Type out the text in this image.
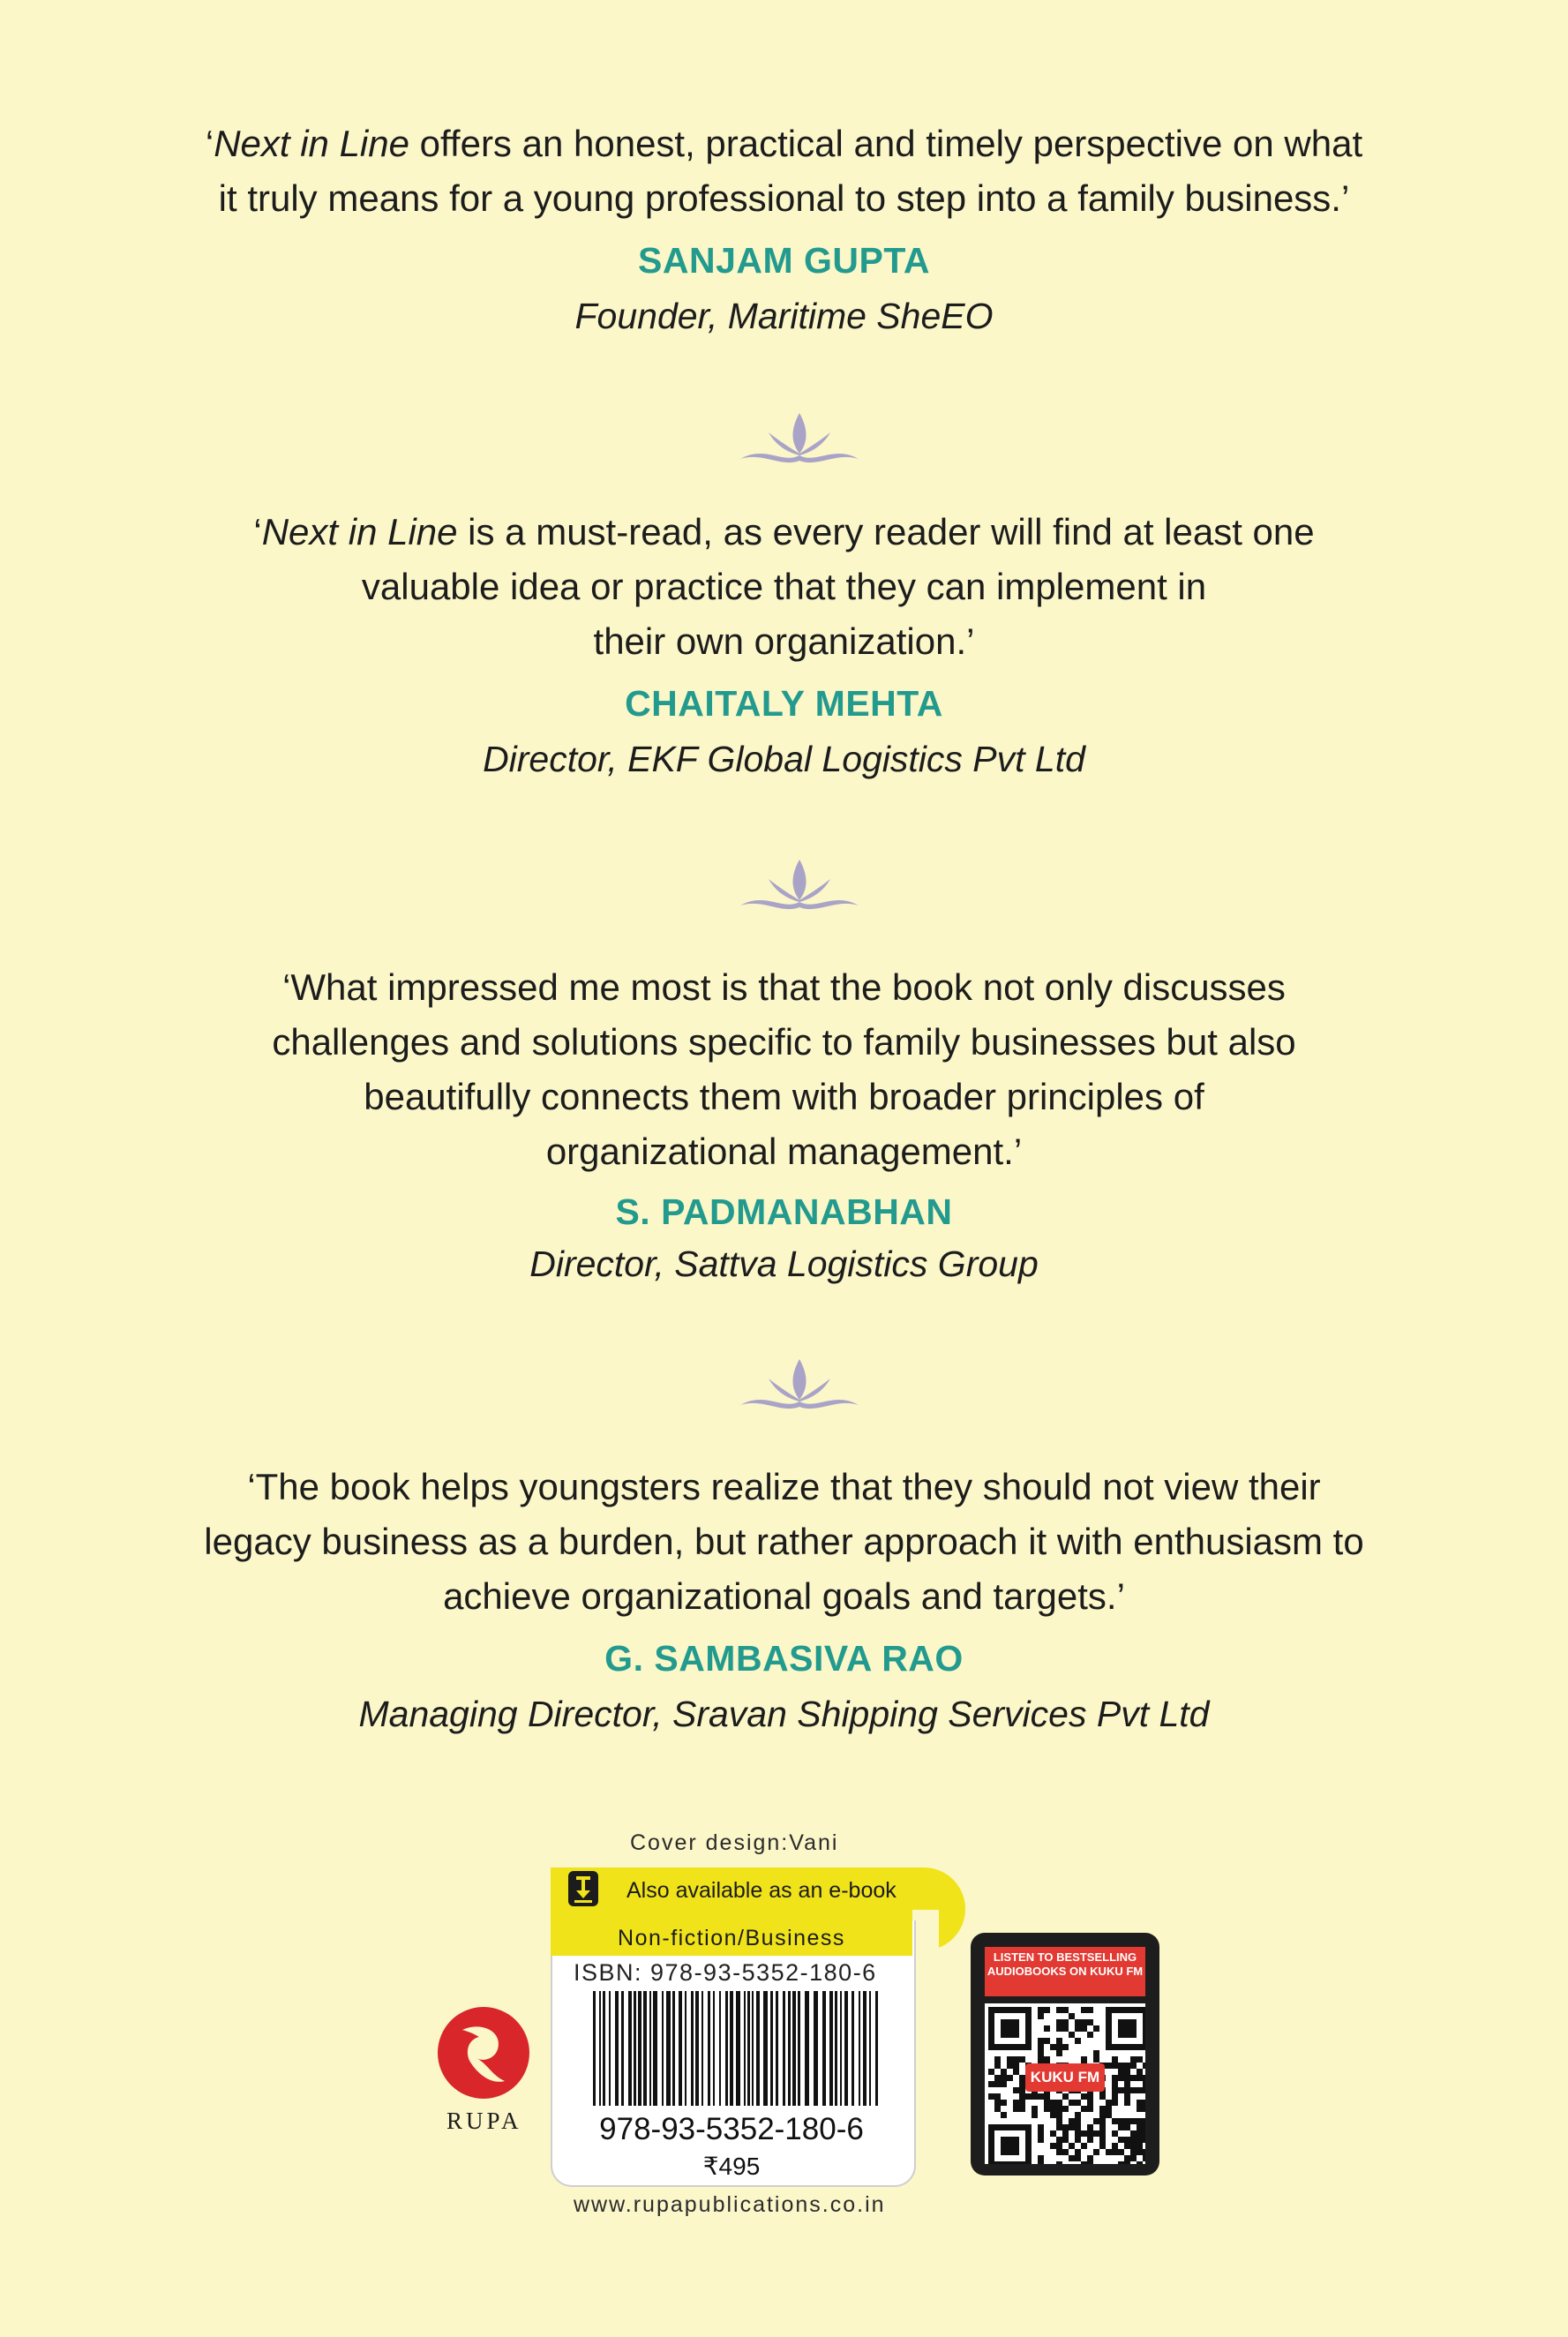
‘Next in Line offers an honest, practical and timely perspective on what

it truly means for a young professional to step into a family business.’

SANJAM GUPTA
Founder, Maritime SheEO

‘Next in Line is a must-read, as every reader will find at least one

valuable idea or practice that they can implement in

their own organization.’

CHAITALY MEHTA
Director, EKF Global Logistics Pvt Ltd

‘What impressed me most is that the book not only discusses

challenges and solutions specific to family businesses but also

beautifully connects them with broader principles of

organizational management.’

S. PADMANABHAN
Director, Sattva Logistics Group

‘The book helps youngsters realize that they should not view their

legacy business as a burden, but rather approach it with enthusiasm to

achieve organizational goals and targets.’

G. SAMBASIVA RAO
Managing Director, Sravan Shipping Services Pvt Ltd
Cover design:Vani
Also available as an e-book
Non-fiction/Business
ISBN: 978-93-5352-180-6
978-93-5352-180-6
₹495
www.rupapublications.co.in
RUPA
LISTEN TO BESTSELLING AUDIOBOOKS ON KUKU FM
KUKU FM
